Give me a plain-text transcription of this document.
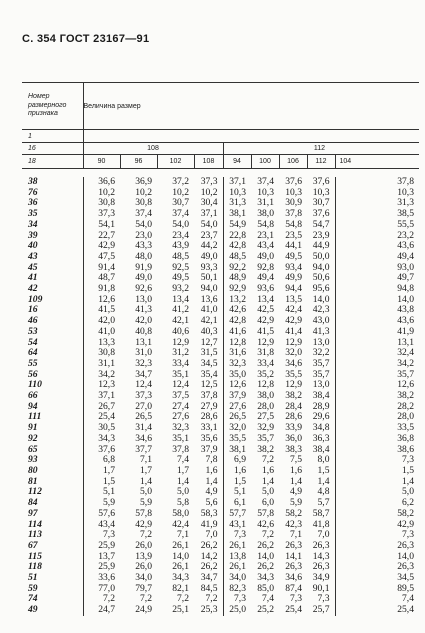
С. 354 ГОСТ 23167—91
Номер
размерного
признака	Величина размер								
1									
16	108				112				
18	90	96	102	108	94	100	106	112	104
38	36,6	36,9	37,2	37,3	37,1	37,4	37,6	37,6	37,8
76	10,2	10,2	10,2	10,2	10,3	10,3	10,3	10,3	10,3
36	30,8	30,8	30,7	30,4	31,3	31,1	30,9	30,7	31,3
35	37,3	37,4	37,4	37,1	38,1	38,0	37,8	37,6	38,5
34	54,1	54,0	54,0	54,0	54,9	54,8	54,8	54,7	55,5
39	22,7	23,0	23,4	23,7	22,8	23,1	23,5	23,9	23,2
40	42,9	43,3	43,9	44,2	42,8	43,4	44,1	44,9	43,6
43	47,5	48,0	48,5	49,0	48,5	49,0	49,5	50,0	49,4
45	91,4	91,9	92,5	93,3	92,2	92,8	93,4	94,0	93,0
41	48,7	49,0	49,5	50,1	48,9	49,4	49,9	50,6	49,7
42	91,8	92,6	93,2	94,0	92,9	93,6	94,4	95,6	94,8
109	12,6	13,0	13,4	13,6	13,2	13,4	13,5	14,0	14,0
16	41,5	41,3	41,2	41,0	42,6	42,5	42,4	42,3	43,8
46	42,0	42,0	42,1	42,1	42,8	42,9	42,9	43,0	43,6
53	41,0	40,8	40,6	40,3	41,6	41,5	41,4	41,3	41,9
54	13,3	13,1	12,9	12,7	12,8	12,9	12,9	13,0	13,1
64	30,8	31,0	31,2	31,5	31,6	31,8	32,0	32,2	32,4
55	31,1	32,3	33,4	34,5	32,3	33,4	34,6	35,7	34,2
56	34,2	34,7	35,1	35,4	35,0	35,2	35,5	35,7	35,7
110	12,3	12,4	12,4	12,5	12,6	12,8	12,9	13,0	12,6
66	37,1	37,3	37,5	37,8	37,9	38,0	38,2	38,4	38,2
94	26,7	27,0	27,4	27,9	27,6	28,0	28,4	28,9	28,2
111	25,4	26,5	27,6	28,6	26,5	27,5	28,6	29,6	28,0
91	30,5	31,4	32,3	33,1	32,0	32,9	33,9	34,8	33,5
92	34,3	34,6	35,1	35,6	35,5	35,7	36,0	36,3	36,8
65	37,6	37,7	37,8	37,9	38,1	38,2	38,3	38,4	38,6
93	6,8	7,1	7,4	7,8	6,9	7,2	7,5	8,0	7,3
80	1,7	1,7	1,7	1,6	1,6	1,6	1,6	1,5	1,5
81	1,5	1,4	1,4	1,4	1,5	1,4	1,4	1,4	1,4
112	5,1	5,0	5,0	4,9	5,1	5,0	4,9	4,8	5,0
84	5,9	5,9	5,8	5,6	6,1	6,0	5,9	5,7	6,2
97	57,6	57,8	58,0	58,3	57,7	57,8	58,2	58,7	58,2
114	43,4	42,9	42,4	41,9	43,1	42,6	42,3	41,8	42,9
113	7,3	7,2	7,1	7,0	7,3	7,2	7,1	7,0	7,3
67	25,9	26,0	26,1	26,2	26,1	26,2	26,3	26,3	26,3
115	13,7	13,9	14,0	14,2	13,8	14,0	14,1	14,3	14,0
118	25,9	26,0	26,1	26,2	26,1	26,2	26,3	26,3	26,3
51	33,6	34,0	34,3	34,7	34,0	34,3	34,6	34,9	34,5
59	77,0	79,7	82,1	84,5	82,3	85,0	87,4	90,1	89,5
74	7,2	7,2	7,2	7,2	7,3	7,4	7,3	7,3	7,4
49	24,7	24,9	25,1	25,3	25,0	25,2	25,4	25,7	25,4
